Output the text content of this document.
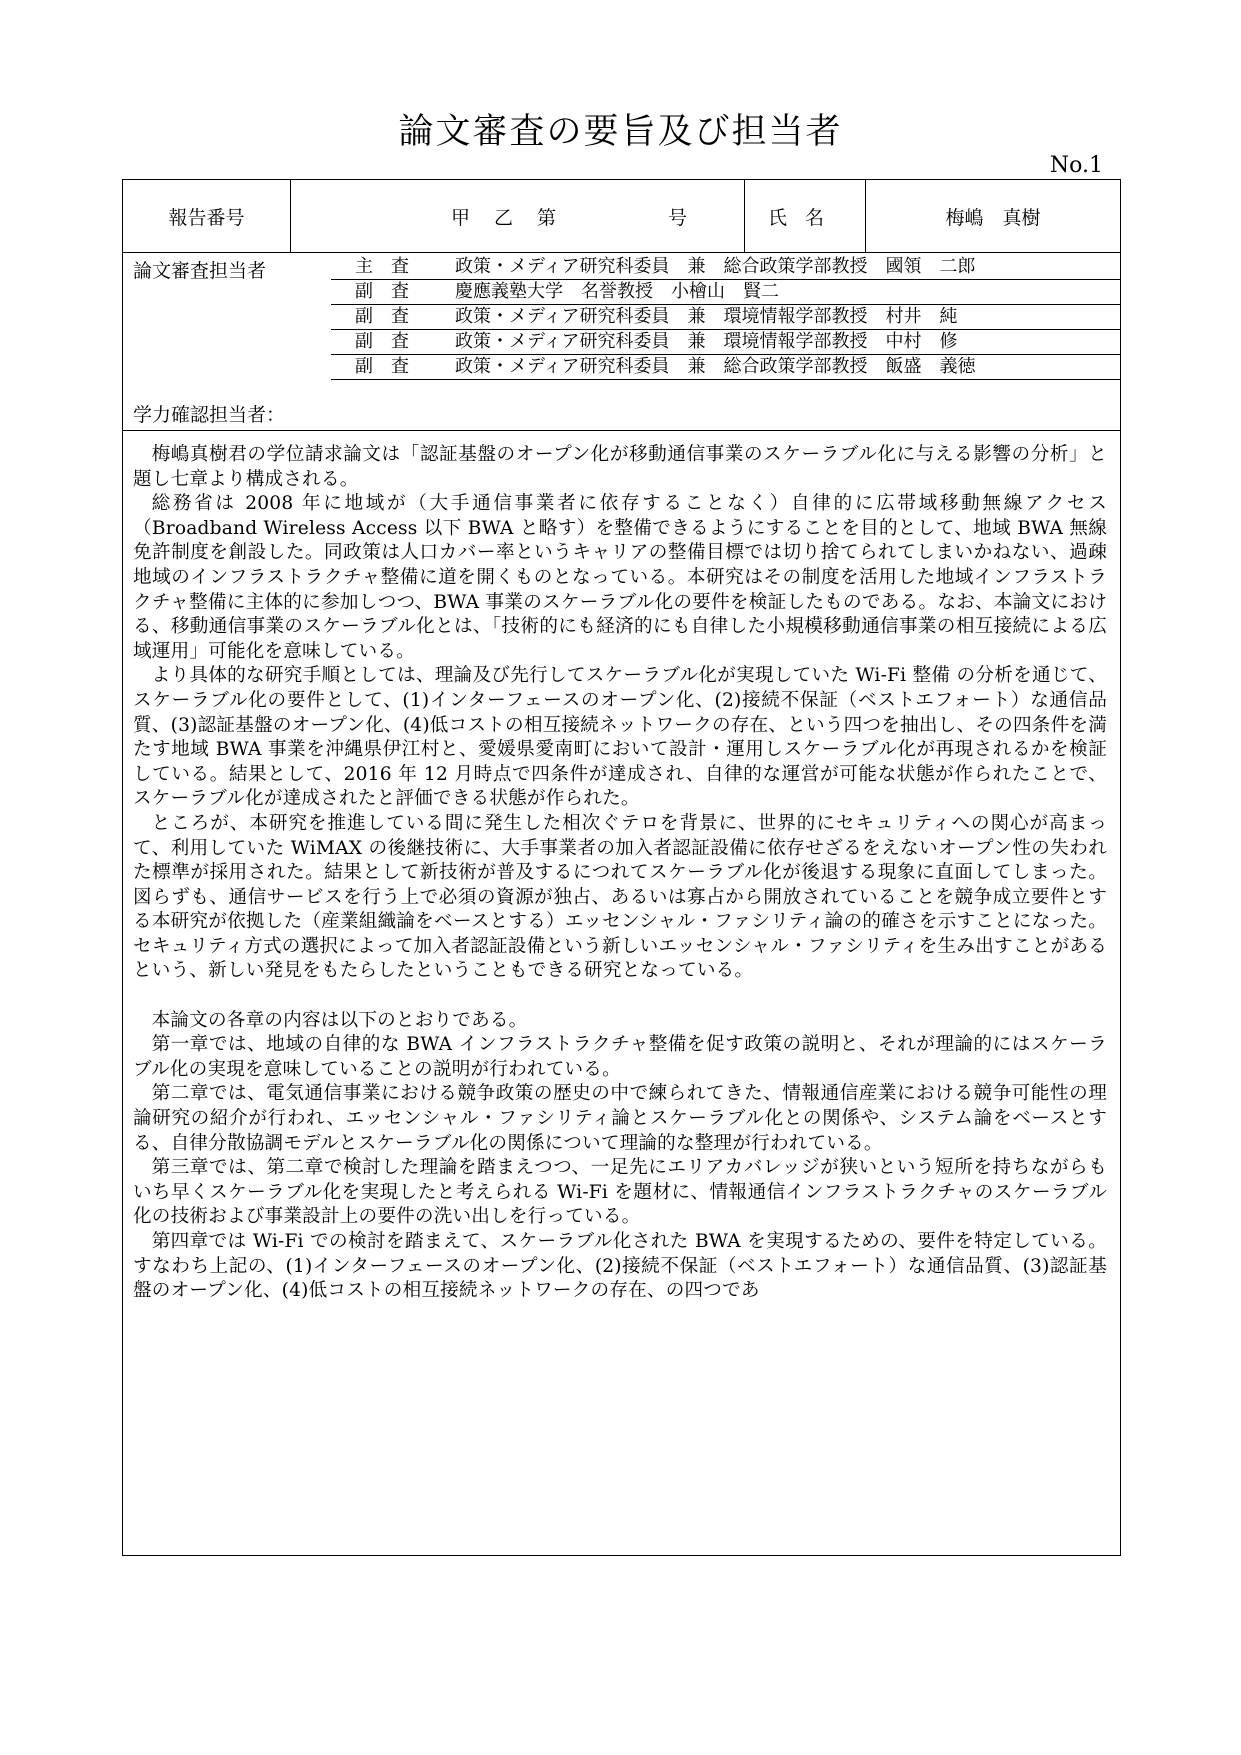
論文審査の要旨及び担当者
No.1
報告番号	甲 乙 第	号	氏名	梅嶋　真樹
論文審査担当者	主　査	政策・メディア研究科委員　兼　総合政策学部教授　國領　二郎
副　査	慶應義塾大学　名誉教授　小檜山　賢二
副　査	政策・メディア研究科委員　兼　環境情報学部教授　村井　純
副　査	政策・メディア研究科委員　兼　環境情報学部教授　中村　修
副　査	政策・メディア研究科委員　兼　総合政策学部教授　飯盛　義徳
学力確認担当者：

梅嶋真樹君の学位請求論文は「認証基盤のオープン化が移動通信事業のスケーラブル化に与える影響の分析」と題し七章より構成される。

総務省は 2008 年に地域が（大手通信事業者に依存することなく）自律的に広帯域移動無線アクセス（Broadband Wireless Access 以下 BWA と略す）を整備できるようにすることを目的として、地域 BWA 無線免許制度を創設した。同政策は人口カバー率というキャリアの整備目標では切り捨てられてしまいかねない、過疎地域のインフラストラクチャ整備に道を開くものとなっている。本研究はその制度を活用した地域インフラストラクチャ整備に主体的に参加しつつ、BWA 事業のスケーラブル化の要件を検証したものである。なお、本論文における、移動通信事業のスケーラブル化とは、「技術的にも経済的にも自律した小規模移動通信事業の相互接続による広域運用」可能化を意味している。

より具体的な研究手順としては、理論及び先行してスケーラブル化が実現していた Wi-Fi 整備 の分析を通じて、スケーラブル化の要件として、(1)インターフェースのオープン化、(2)接続不保証（ベストエフォート）な通信品質、(3)認証基盤のオープン化、(4)低コストの相互接続ネットワークの存在、という四つを抽出し、その四条件を満たす地域 BWA 事業を沖縄県伊江村と、愛媛県愛南町において設計・運用しスケーラブル化が再現されるかを検証している。結果として、2016 年 12 月時点で四条件が達成され、自律的な運営が可能な状態が作られたことで、スケーラブル化が達成されたと評価できる状態が作られた。

ところが、本研究を推進している間に発生した相次ぐテロを背景に、世界的にセキュリティへの関心が高まって、利用していた WiMAX の後継技術に、大手事業者の加入者認証設備に依存せざるをえないオープン性の失われた標準が採用された。結果として新技術が普及するにつれてスケーラブル化が後退する現象に直面してしまった。図らずも、通信サービスを行う上で必須の資源が独占、あるいは寡占から開放されていることを競争成立要件とする本研究が依拠した（産業組織論をベースとする）エッセンシャル・ファシリティ論の的確さを示すことになった。セキュリティ方式の選択によって加入者認証設備という新しいエッセンシャル・ファシリティを生み出すことがあるという、新しい発見をもたらしたということもできる研究となっている。

本論文の各章の内容は以下のとおりである。

第一章では、地域の自律的な BWA インフラストラクチャ整備を促す政策の説明と、それが理論的にはスケーラブル化の実現を意味していることの説明が行われている。

第二章では、電気通信事業における競争政策の歴史の中で練られてきた、情報通信産業における競争可能性の理論研究の紹介が行われ、エッセンシャル・ファシリティ論とスケーラブル化との関係や、システム論をベースとする、自律分散協調モデルとスケーラブル化の関係について理論的な整理が行われている。

第三章では、第二章で検討した理論を踏まえつつ、一足先にエリアカバレッジが狭いという短所を持ちながらもいち早くスケーラブル化を実現したと考えられる Wi-Fi を題材に、情報通信インフラストラクチャのスケーラブル化の技術および事業設計上の要件の洗い出しを行っている。

第四章では Wi-Fi での検討を踏まえて、スケーラブル化された BWA を実現するための、要件を特定している。すなわち上記の、(1)インターフェースのオープン化、(2)接続不保証（ベストエフォート）な通信品質、(3)認証基盤のオープン化、(4)低コストの相互接続ネットワークの存在、の四つであ
